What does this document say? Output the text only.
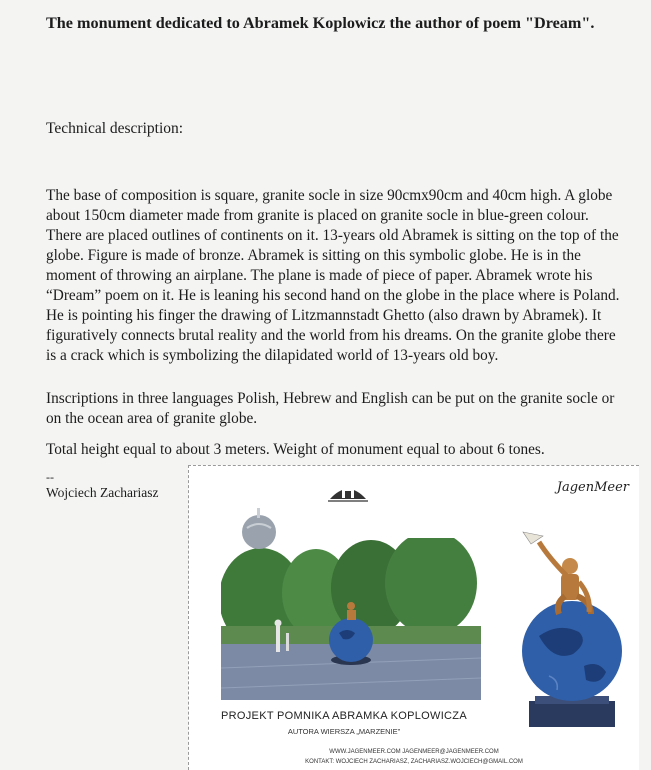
The monument dedicated to Abramek Koplowicz the author of poem "Dream".
Technical description:

The base of composition is square, granite socle in size 90cmx90cm and 40cm high. A globe about 150cm diameter made from granite is placed on granite socle in blue-green colour. There are placed outlines of continents on it. 13-years old Abramek is sitting on the top of the globe. Figure is made of bronze. Abramek is sitting on this symbolic globe. He is in the moment of throwing an airplane. The plane is made of piece of paper. Abramek wrote his “Dream” poem on it. He is leaning his second hand on the globe in the place where is Poland. He is pointing his finger the drawing of Litzmannstadt Ghetto (also drawn by Abramek). It figuratively connects brutal reality and the world from his dreams. On the granite globe there is a crack which is symbolizing the dilapidated world of 13-years old boy.

Inscriptions in three languages Polish, Hebrew and English can be put on the granite socle or on the ocean area of granite globe.

Total height equal to about 3 meters. Weight of monument equal to about 6 tones.

--
Wojciech Zachariasz	JagenMeer
PROJEKT POMNIKA ABRAMKA KOPLOWICZA
AUTORA WIERSZA „MARZENIE”
WWW.JAGENMEER.COM JAGENMEER@JAGENMEER.COM
KONTAKT: WOJCIECH ZACHARIASZ, ZACHARIASZ.WOJCIECH@GMAIL.COM
